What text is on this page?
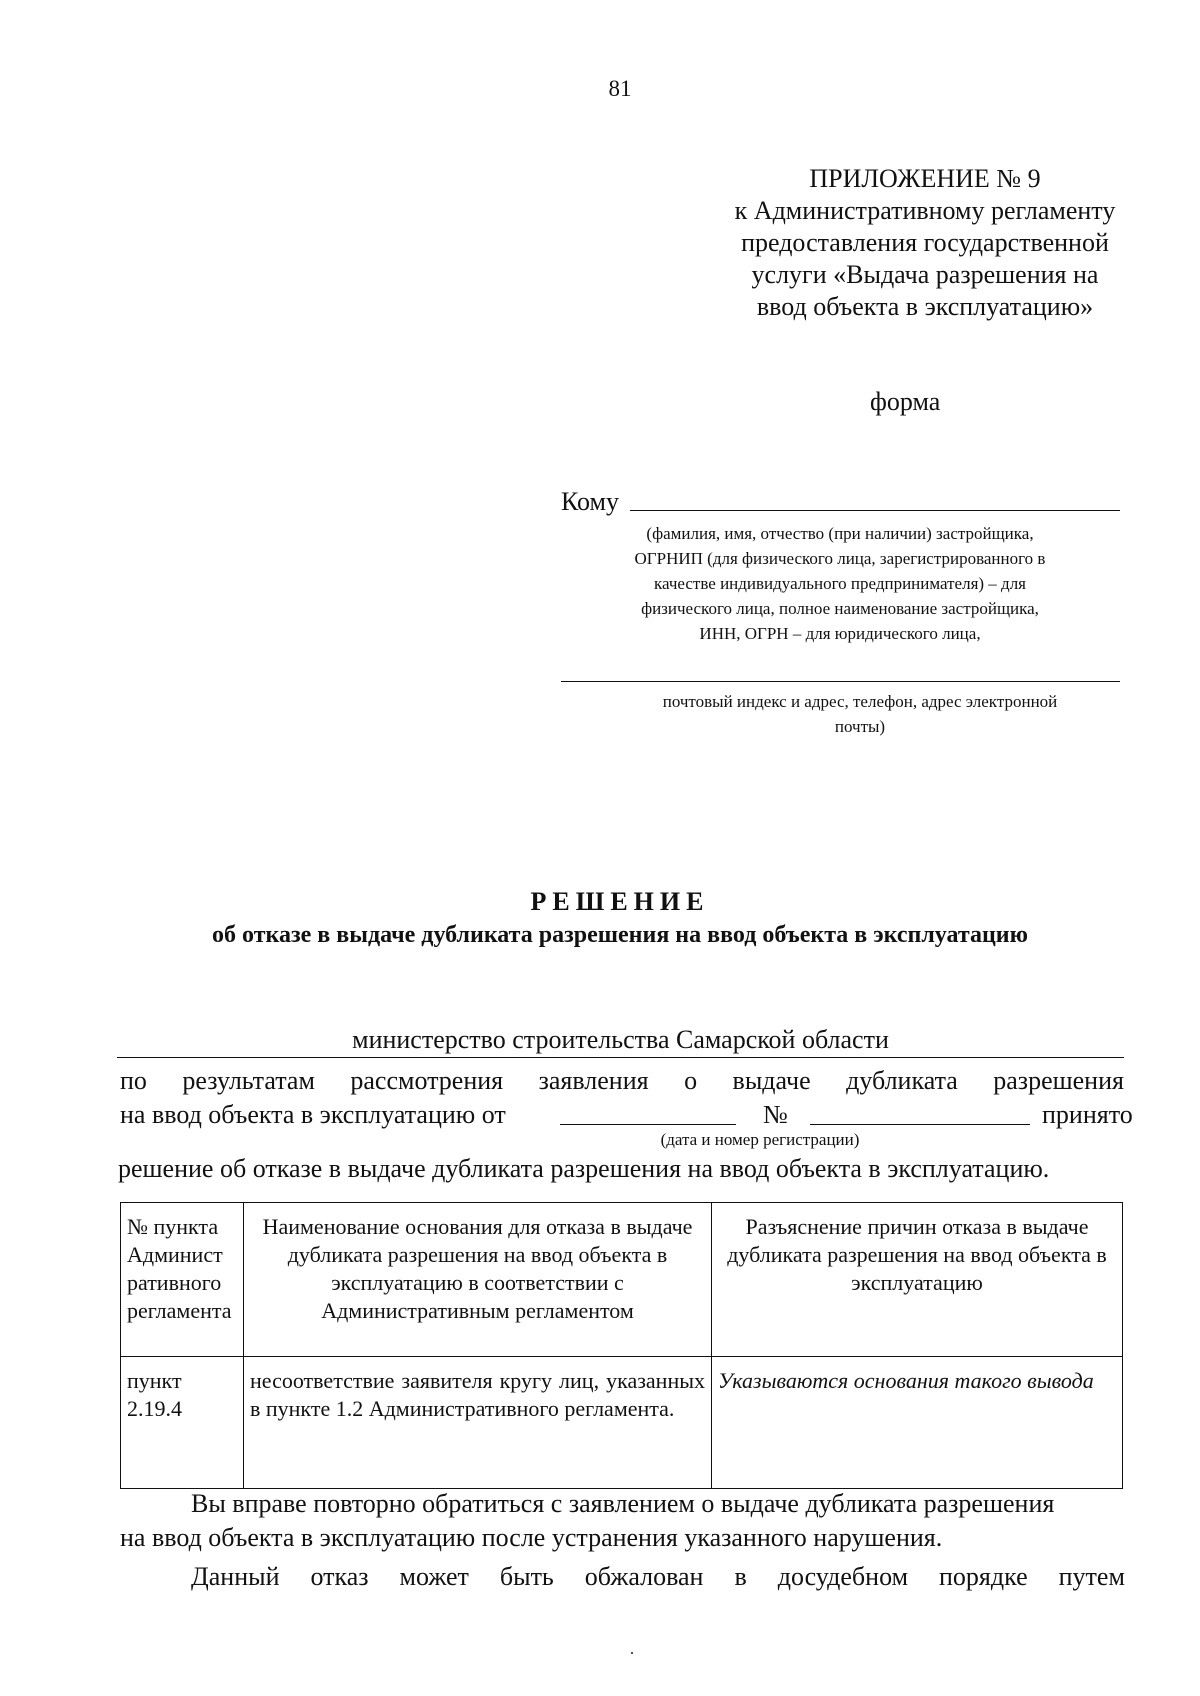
81
ПРИЛОЖЕНИЕ № 9
к Административному регламенту
предоставления государственной
услуги «Выдача разрешения на
ввод объекта в эксплуатацию»
форма
Кому
(фамилия, имя, отчество (при наличии) застройщика,
ОГРНИП (для физического лица, зарегистрированного в
качестве индивидуального предпринимателя) – для
физического лица, полное наименование застройщика,
ИНН, ОГРН – для юридического лица,
почтовый индекс и адрес, телефон, адрес электронной
почты)
РЕШЕНИЕ
об отказе в выдаче дубликата разрешения на ввод объекта в эксплуатацию
министерство строительства Самарской области
по результатам рассмотрения заявления о выдаче дубликата разрешения
на ввод объекта в эксплуатацию от	№	принято
(дата и номер регистрации)
решение об отказе в выдаче дубликата разрешения на ввод объекта в эксплуатацию.
№ пункта Админист ративного регламента	Наименование основания для отказа в выдаче дубликата разрешения на ввод объекта в эксплуатацию в соответствии с Административным регламентом	Разъяснение причин отказа в выдаче дубликата разрешения на ввод объекта в эксплуатацию
пункт 2.19.4	несоответствие заявителя кругу лиц, указанных в пункте 1.2 Административного регламента.	Указываются основания такого вывода
Вы вправе повторно обратиться с заявлением о выдаче дубликата разрешения
на ввод объекта в эксплуатацию после устранения указанного нарушения.
Данный отказ может быть обжалован в досудебном порядке путем
